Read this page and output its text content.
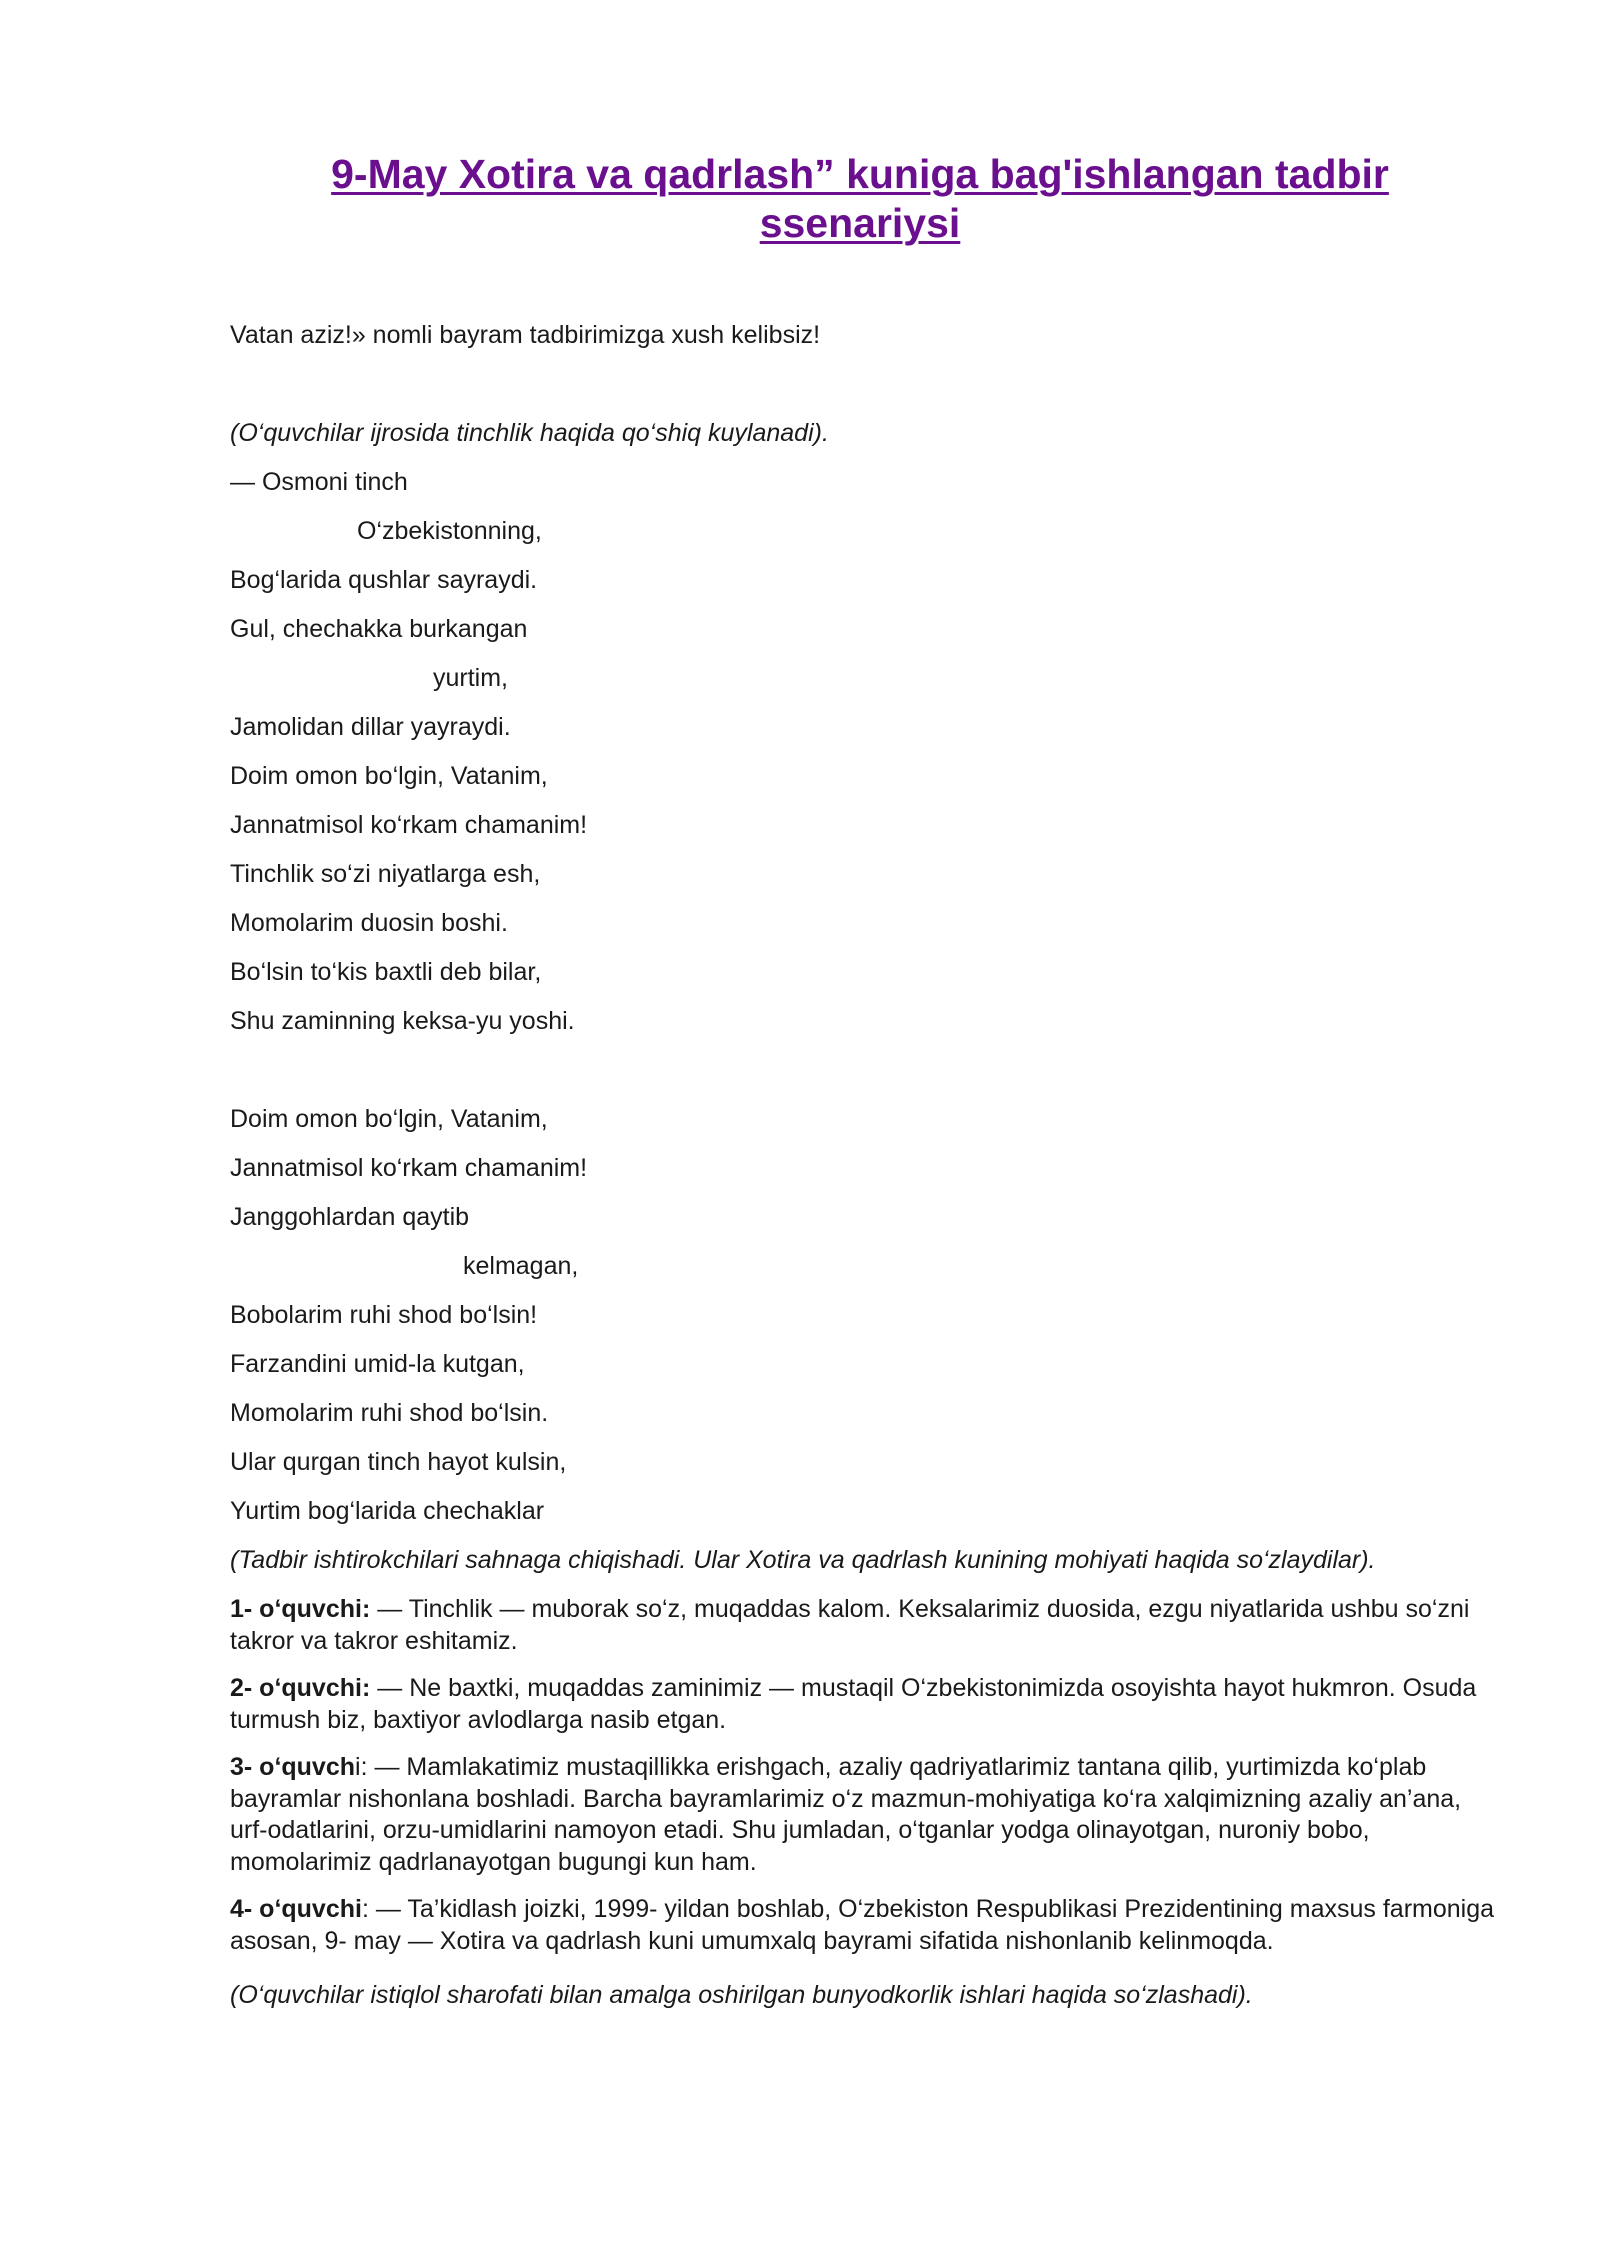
9-May Xotira va qadrlash” kuniga bag'ishlangan tadbir
ssenariysi

Vatan aziz!» nomli bayram tadbirimizga xush kelibsiz!

(O‘quvchilar ijrosida tinchlik haqida qo‘shiq kuylanadi).

— Osmoni tinch

O‘zbekistonning,

Bog‘larida qushlar sayraydi.

Gul, chechakka burkangan

yurtim,

Jamolidan dillar yayraydi.

Doim omon bo‘lgin, Vatanim,

Jannatmisol ko‘rkam chamanim!

Tinchlik so‘zi niyatlarga esh,

Momolarim duosin boshi.

Bo‘lsin to‘kis baxtli deb bilar,

Shu zaminning keksa-yu yoshi.

Doim omon bo‘lgin, Vatanim,

Jannatmisol ko‘rkam chamanim!

Janggohlardan qaytib

kelmagan,

Bobolarim ruhi shod bo‘lsin!

Farzandini umid-la kutgan,

Momolarim ruhi shod bo‘lsin.

Ular qurgan tinch hayot kulsin,

Yurtim bog‘larida chechaklar

(Tadbir ishtirokchilari sahnaga chiqishadi. Ular Xotira va qadrlash kunining mohiyati haqida so‘zlaydilar).

1- o‘quvchi: — Tinchlik — muborak so‘z, muqaddas kalom. Keksalarimiz duosida, ezgu niyatlarida ushbu so‘zni takror va takror eshitamiz.

2- o‘quvchi: — Ne baxtki, muqaddas zaminimiz — mustaqil O‘zbekistonimizda osoyishta hayot hukmron. Osuda turmush biz, baxtiyor avlodlarga nasib etgan.

3- o‘quvchi: — Mamlakatimiz mustaqillikka erishgach, azaliy qadriyatlarimiz tantana qilib, yurtimizda ko‘plab bayramlar nishonlana boshladi. Barcha bayramlarimiz o‘z mazmun-mohiyatiga ko‘ra xalqimizning azaliy an’ana, urf-odatlarini, orzu-umidlarini namoyon etadi. Shu jumladan, o‘tganlar yodga olinayotgan, nuroniy bobo, momolarimiz qadrlanayotgan bugungi kun ham.

4- o‘quvchi: — Ta’kidlash joizki, 1999- yildan boshlab, O‘zbekiston Respublikasi Prezidentining maxsus farmoniga asosan, 9- may — Xotira va qadrlash kuni umumxalq bayrami sifatida nishonlanib kelinmoqda.

(O‘quvchilar istiqlol sharofati bilan amalga oshirilgan bunyodkorlik ishlari haqida so‘zlashadi).
